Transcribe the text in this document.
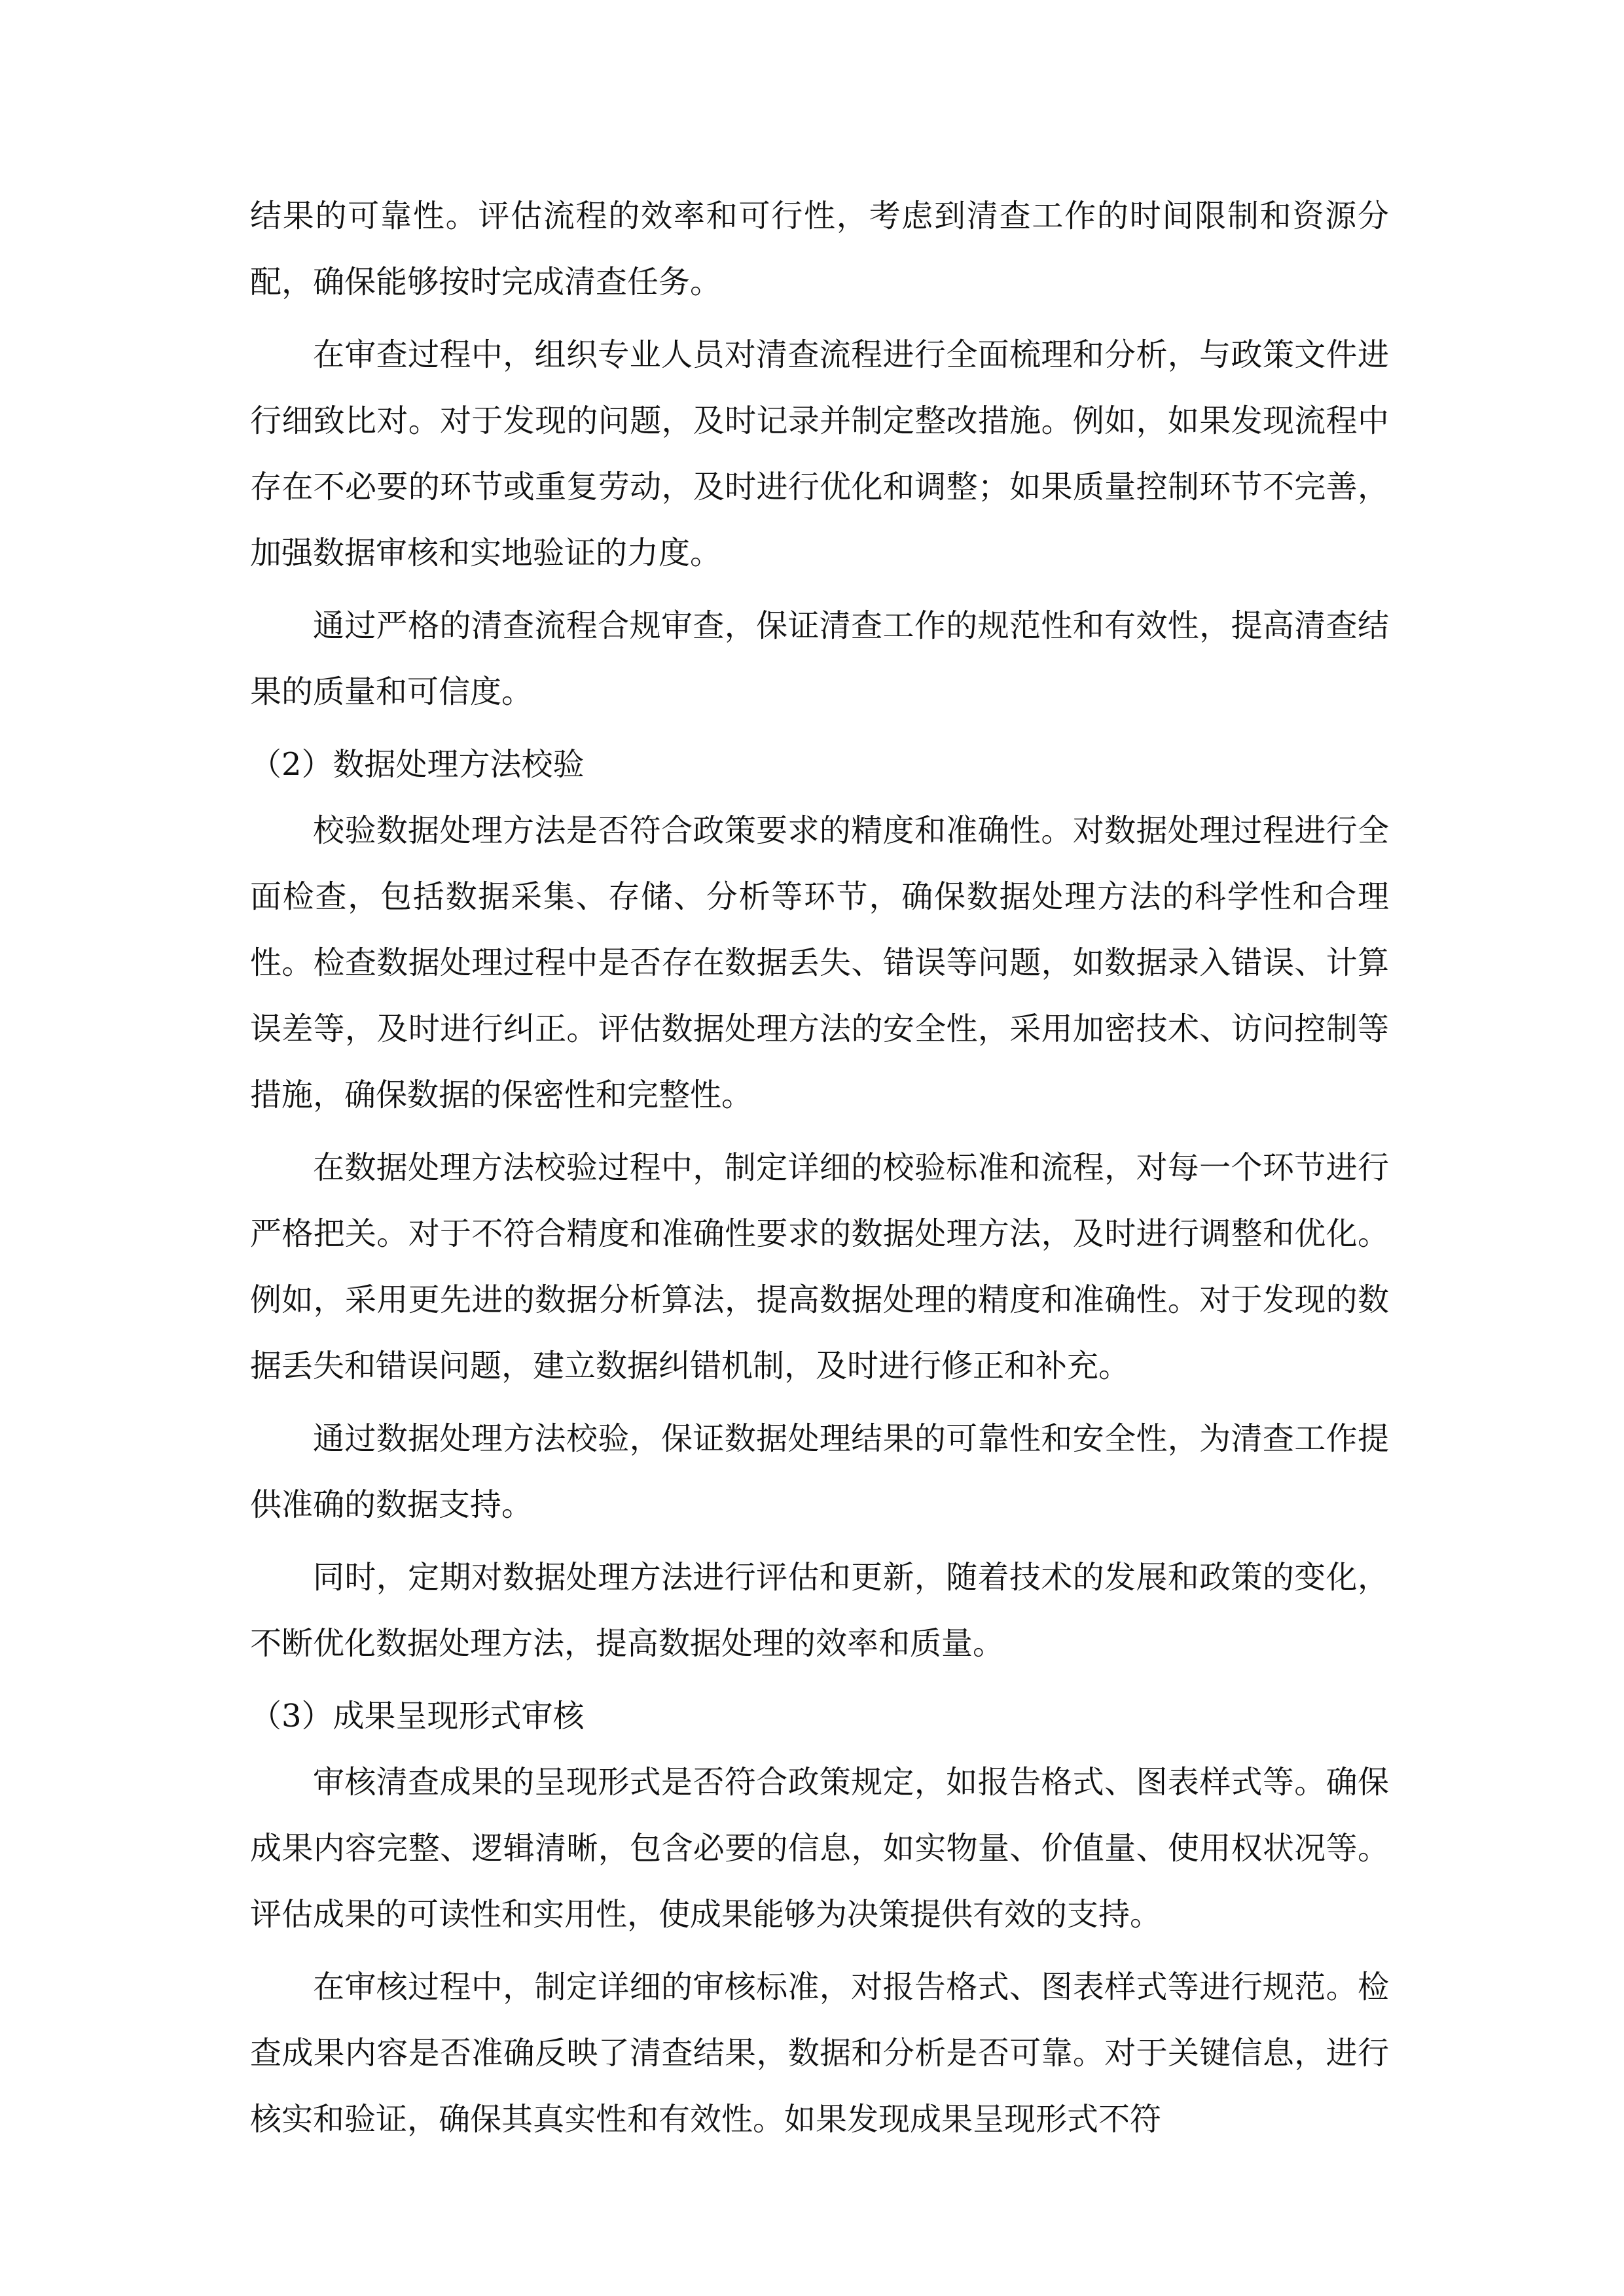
结果的可靠性。评估流程的效率和可行性，考虑到清查工作的时间限制和资源分配，确保能够按时完成清查任务。

在审查过程中，组织专业人员对清查流程进行全面梳理和分析，与政策文件进行细致比对。对于发现的问题，及时记录并制定整改措施。例如，如果发现流程中存在不必要的环节或重复劳动，及时进行优化和调整；如果质量控制环节不完善，加强数据审核和实地验证的力度。

通过严格的清查流程合规审查，保证清查工作的规范性和有效性，提高清查结果的质量和可信度。

（2）数据处理方法校验

校验数据处理方法是否符合政策要求的精度和准确性。对数据处理过程进行全面检查，包括数据采集、存储、分析等环节，确保数据处理方法的科学性和合理性。检查数据处理过程中是否存在数据丢失、错误等问题，如数据录入错误、计算误差等，及时进行纠正。评估数据处理方法的安全性，采用加密技术、访问控制等措施，确保数据的保密性和完整性。

在数据处理方法校验过程中，制定详细的校验标准和流程，对每一个环节进行严格把关。对于不符合精度和准确性要求的数据处理方法，及时进行调整和优化。例如，采用更先进的数据分析算法，提高数据处理的精度和准确性。对于发现的数据丢失和错误问题，建立数据纠错机制，及时进行修正和补充。

通过数据处理方法校验，保证数据处理结果的可靠性和安全性，为清查工作提供准确的数据支持。

同时，定期对数据处理方法进行评估和更新，随着技术的发展和政策的变化，不断优化数据处理方法，提高数据处理的效率和质量。

（3）成果呈现形式审核

审核清查成果的呈现形式是否符合政策规定，如报告格式、图表样式等。确保成果内容完整、逻辑清晰，包含必要的信息，如实物量、价值量、使用权状况等。评估成果的可读性和实用性，使成果能够为决策提供有效的支持。

在审核过程中，制定详细的审核标准，对报告格式、图表样式等进行规范。检查成果内容是否准确反映了清查结果，数据和分析是否可靠。对于关键信息，进行核实和验证，确保其真实性和有效性。如果发现成果呈现形式不符
